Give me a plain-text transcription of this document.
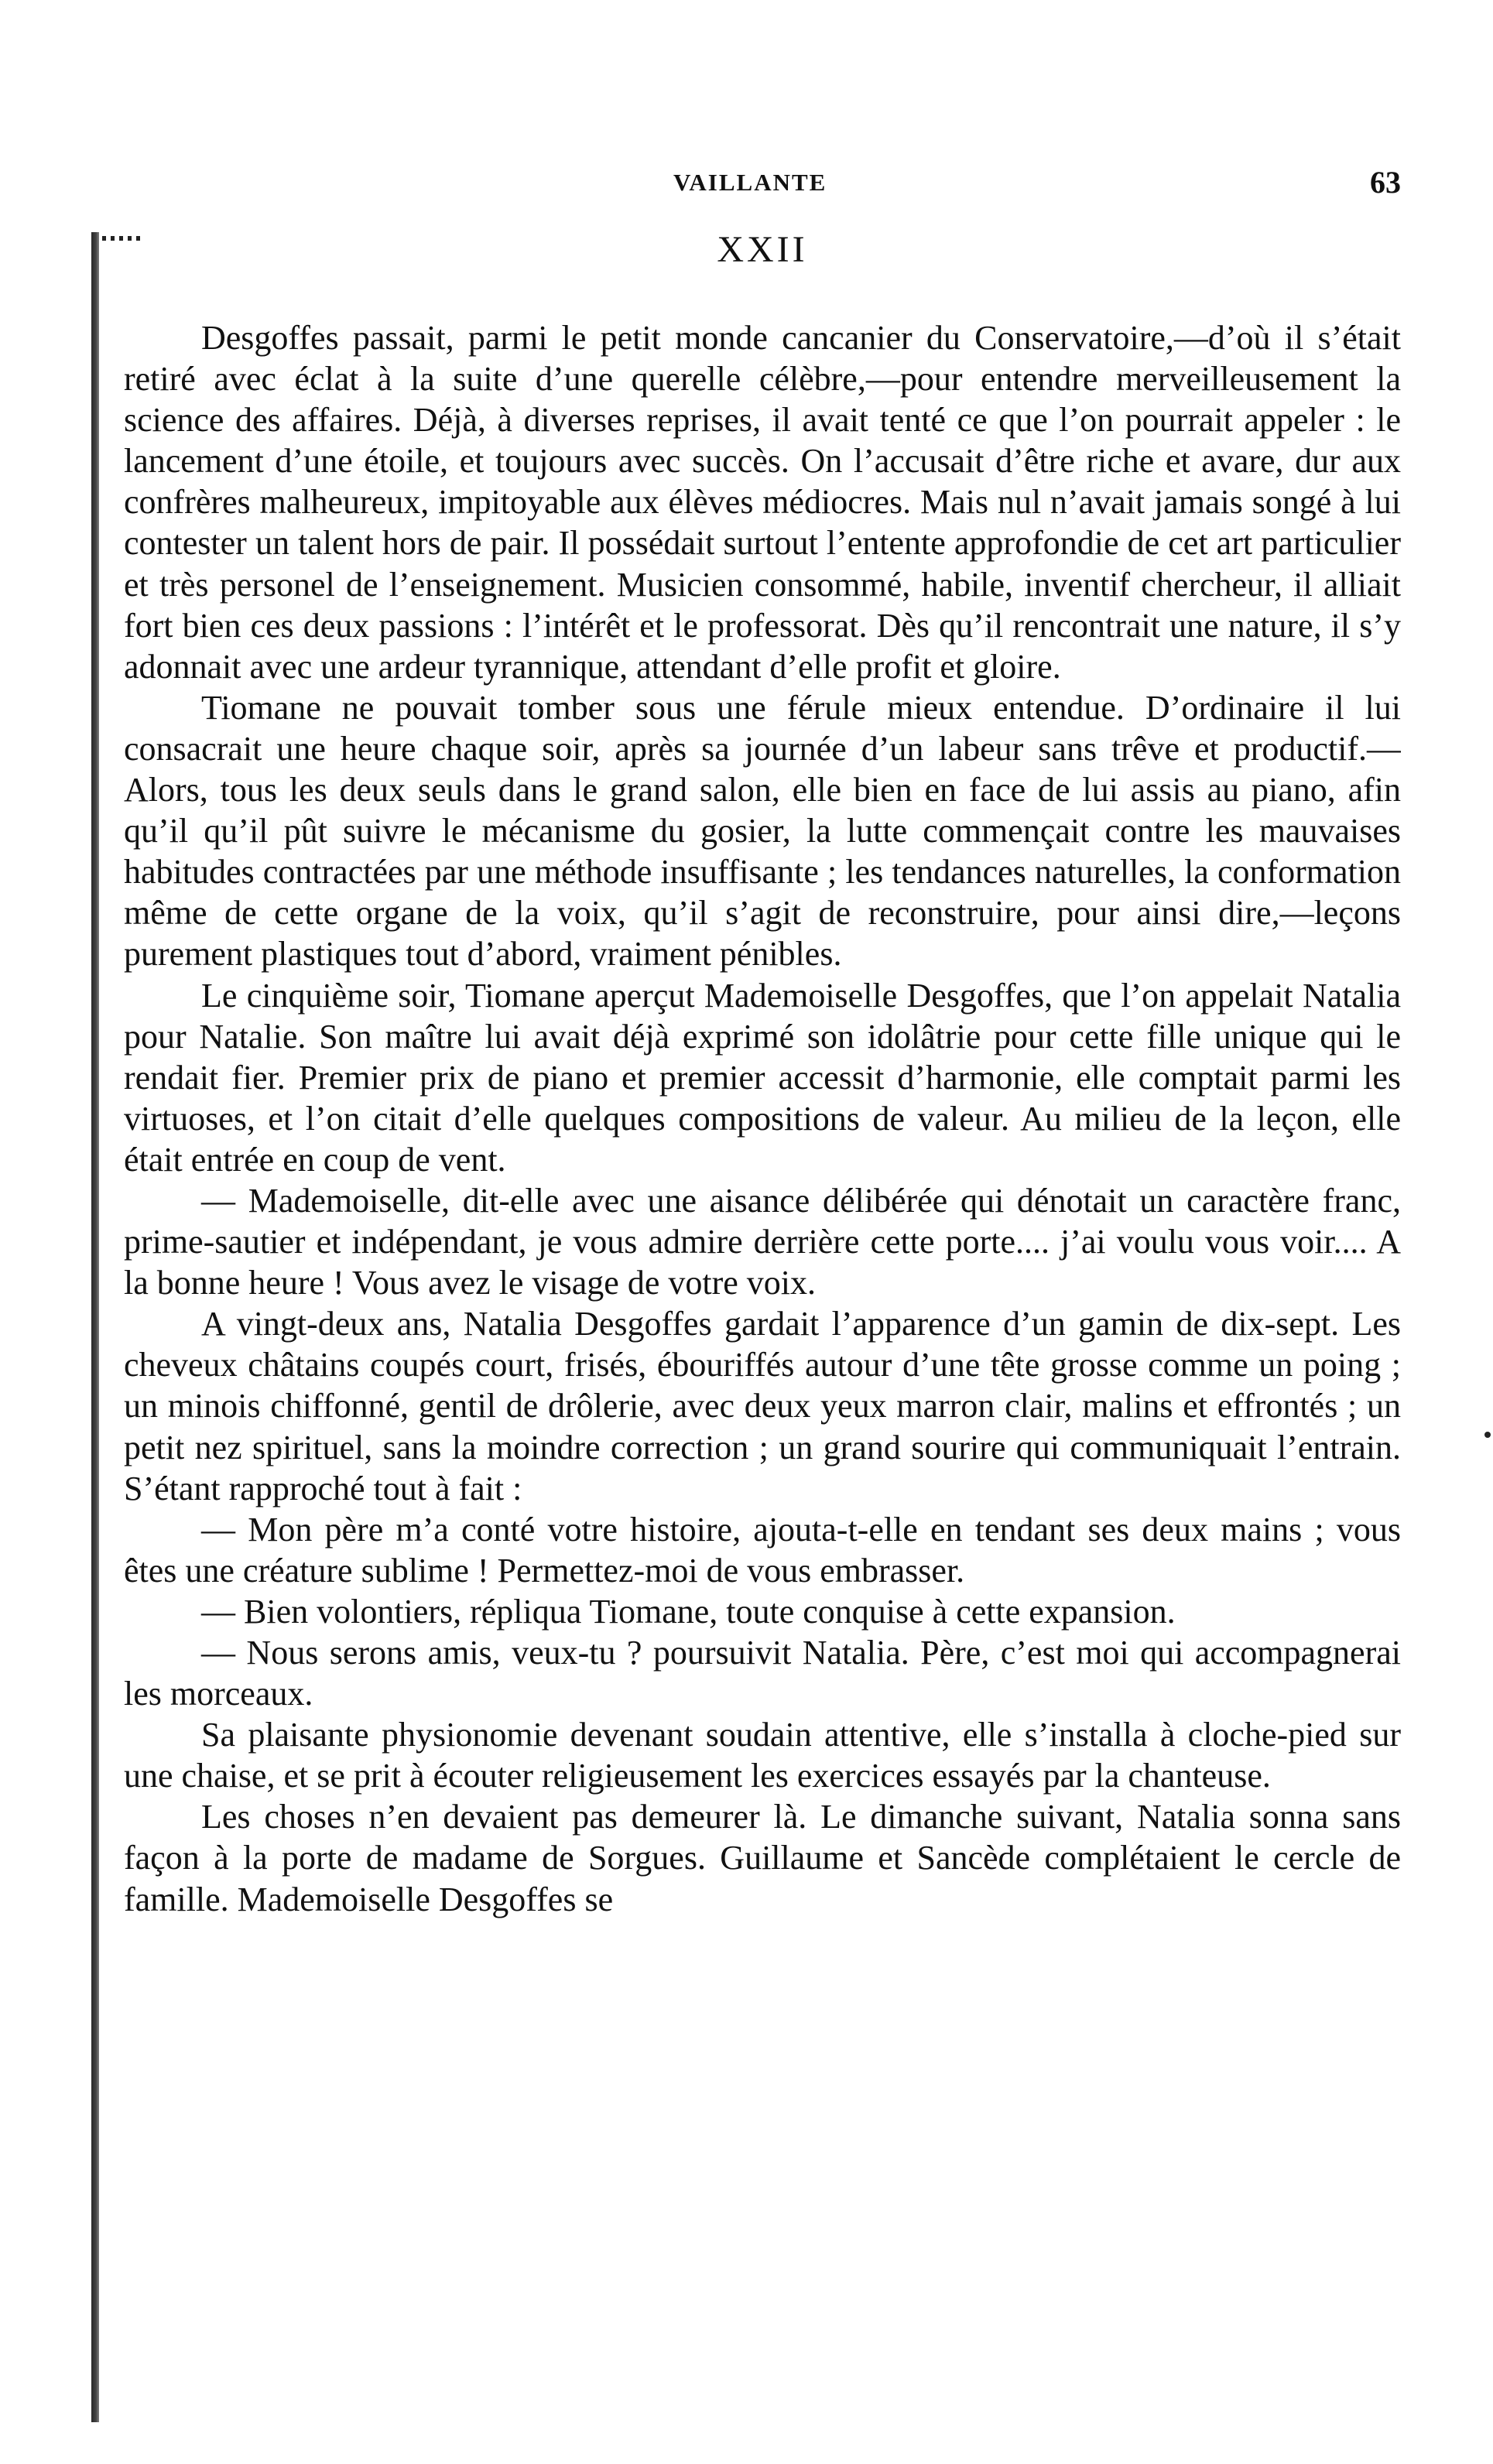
VAILLANTE	63
XXII

Desgoffes passait, parmi le petit monde cancanier du Conservatoire,—d’où il s’était retiré avec éclat à la suite d’une querelle célèbre,—pour entendre merveilleusement la science des affaires. Déjà, à diverses reprises, il avait tenté ce que l’on pourrait appeler : le lancement d’une étoile, et toujours avec succès. On l’accusait d’être riche et avare, dur aux confrères malheureux, impitoyable aux élèves médiocres. Mais nul n’avait jamais songé à lui contester un talent hors de pair. Il possédait surtout l’entente approfondie de cet art particulier et très personel de l’enseignement. Musicien consommé, habile, inventif chercheur, il alliait fort bien ces deux passions : l’intérêt et le professorat. Dès qu’il rencontrait une nature, il s’y adonnait avec une ardeur tyrannique, attendant d’elle profit et gloire.

Tiomane ne pouvait tomber sous une férule mieux entendue. D’ordinaire il lui consacrait une heure chaque soir, après sa journée d’un labeur sans trêve et productif.—Alors, tous les deux seuls dans le grand salon, elle bien en face de lui assis au piano, afin qu’il qu’il pût suivre le mécanisme du gosier, la lutte commençait contre les mauvaises habitudes contractées par une méthode insuffisante ; les tendances naturelles, la conformation même de cette organe de la voix, qu’il s’agit de reconstruire, pour ainsi dire,—leçons purement plastiques tout d’abord, vraiment pénibles.

Le cinquième soir, Tiomane aperçut Mademoiselle Desgoffes, que l’on appelait Natalia pour Natalie. Son maître lui avait déjà exprimé son idolâtrie pour cette fille unique qui le rendait fier. Premier prix de piano et premier accessit d’harmonie, elle comptait parmi les virtuoses, et l’on citait d’elle quelques compositions de valeur. Au milieu de la leçon, elle était entrée en coup de vent.

— Mademoiselle, dit-elle avec une aisance délibérée qui dénotait un caractère franc, prime-sautier et indépendant, je vous admire derrière cette porte.... j’ai voulu vous voir.... A la bonne heure ! Vous avez le visage de votre voix.

A vingt-deux ans, Natalia Desgoffes gardait l’apparence d’un gamin de dix-sept. Les cheveux châtains coupés court, frisés, ébouriffés autour d’une tête grosse comme un poing ; un minois chiffonné, gentil de drôlerie, avec deux yeux marron clair, malins et effrontés ; un petit nez spirituel, sans la moindre correction ; un grand sourire qui communiquait l’entrain. S’étant rapproché tout à fait :

— Mon père m’a conté votre histoire, ajouta-t-elle en tendant ses deux mains ; vous êtes une créature sublime ! Permettez-moi de vous embrasser.

— Bien volontiers, répliqua Tiomane, toute conquise à cette expansion.

— Nous serons amis, veux-tu ? poursuivit Natalia. Père, c’est moi qui accompagnerai les morceaux.

Sa plaisante physionomie devenant soudain attentive, elle s’installa à cloche-pied sur une chaise, et se prit à écouter religieusement les exercices essayés par la chanteuse.

Les choses n’en devaient pas demeurer là. Le dimanche suivant, Natalia sonna sans façon à la porte de madame de Sorgues. Guillaume et Sancède complétaient le cercle de famille. Mademoiselle Desgoffes se
